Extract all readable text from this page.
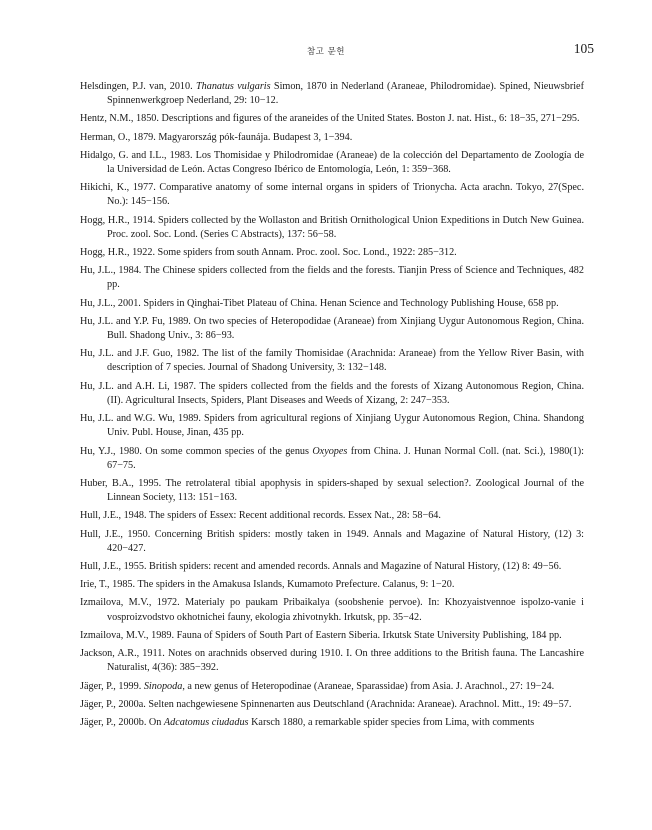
참고 문헌	105

Helsdingen, P.J. van, 2010. Thanatus vulgaris Simon, 1870 in Nederland (Araneae, Philodromidae). Spined, Nieuwsbrief Spinnenwerkgroep Nederland, 29: 10−12.

Hentz, N.M., 1850. Descriptions and figures of the araneides of the United States. Boston J. nat. Hist., 6: 18−35, 271−295.

Herman, O., 1879. Magyarország pók-faunája. Budapest 3, 1−394.

Hidalgo, G. and I.L., 1983. Los Thomisidae y Philodromidae (Araneae) de la colección del Departamento de Zoología de la Universidad de León. Actas Congreso Ibérico de Entomología, León, 1: 359−368.

Hikichi, K., 1977. Comparative anatomy of some internal organs in spiders of Trionycha. Acta arachn. Tokyo, 27(Spec. No.): 145−156.

Hogg, H.R., 1914. Spiders collected by the Wollaston and British Ornithological Union Expeditions in Dutch New Guinea. Proc. zool. Soc. Lond. (Series C Abstracts), 137: 56−58.

Hogg, H.R., 1922. Some spiders from south Annam. Proc. zool. Soc. Lond., 1922: 285−312.

Hu, J.L., 1984. The Chinese spiders collected from the fields and the forests. Tianjin Press of Science and Techniques, 482 pp.

Hu, J.L., 2001. Spiders in Qinghai-Tibet Plateau of China. Henan Science and Technology Publishing House, 658 pp.

Hu, J.L. and Y.P. Fu, 1989. On two species of Heteropodidae (Araneae) from Xinjiang Uygur Autonomous Region, China. Bull. Shadong Univ., 3: 86−93.

Hu, J.L. and J.F. Guo, 1982. The list of the family Thomisidae (Arachnida: Araneae) from the Yellow River Basin, with description of 7 species. Journal of Shadong University, 3: 132−148.

Hu, J.L. and A.H. Li, 1987. The spiders collected from the fields and the forests of Xizang Autonomous Region, China. (II). Agricultural Insects, Spiders, Plant Diseases and Weeds of Xizang, 2: 247−353.

Hu, J.L. and W.G. Wu, 1989. Spiders from agricultural regions of Xinjiang Uygur Autonomous Region, China. Shandong Univ. Publ. House, Jinan, 435 pp.

Hu, Y.J., 1980. On some common species of the genus Oxyopes from China. J. Hunan Normal Coll. (nat. Sci.), 1980(1): 67−75.

Huber, B.A., 1995. The retrolateral tibial apophysis in spiders-shaped by sexual selection?. Zoological Journal of the Linnean Society, 113: 151−163.

Hull, J.E., 1948. The spiders of Essex: Recent additional records. Essex Nat., 28: 58−64.

Hull, J.E., 1950. Concerning British spiders: mostly taken in 1949. Annals and Magazine of Natural History, (12) 3: 420−427.

Hull, J.E., 1955. British spiders: recent and amended records. Annals and Magazine of Natural History, (12) 8: 49−56.

Irie, T., 1985. The spiders in the Amakusa Islands, Kumamoto Prefecture. Calanus, 9: 1−20.

Izmailova, M.V., 1972. Materialy po paukam Pribaikalya (soobshenie pervoe). In: Khozyaistvennoe ispolzo-vanie i vosproizvodstvo okhotnichei fauny, ekologia zhivotnykh. Irkutsk, pp. 35−42.

Izmailova, M.V., 1989. Fauna of Spiders of South Part of Eastern Siberia. Irkutsk State University Publishing, 184 pp.

Jackson, A.R., 1911. Notes on arachnids observed during 1910. I. On three additions to the British fauna. The Lancashire Naturalist, 4(36): 385−392.

Jäger, P., 1999. Sinopoda, a new genus of Heteropodinae (Araneae, Sparassidae) from Asia. J. Arachnol., 27: 19−24.

Jäger, P., 2000a. Selten nachgewiesene Spinnenarten aus Deutschland (Arachnida: Araneae). Arachnol. Mitt., 19: 49−57.

Jäger, P., 2000b. On Adcatomus ciudadus Karsch 1880, a remarkable spider species from Lima, with comments
